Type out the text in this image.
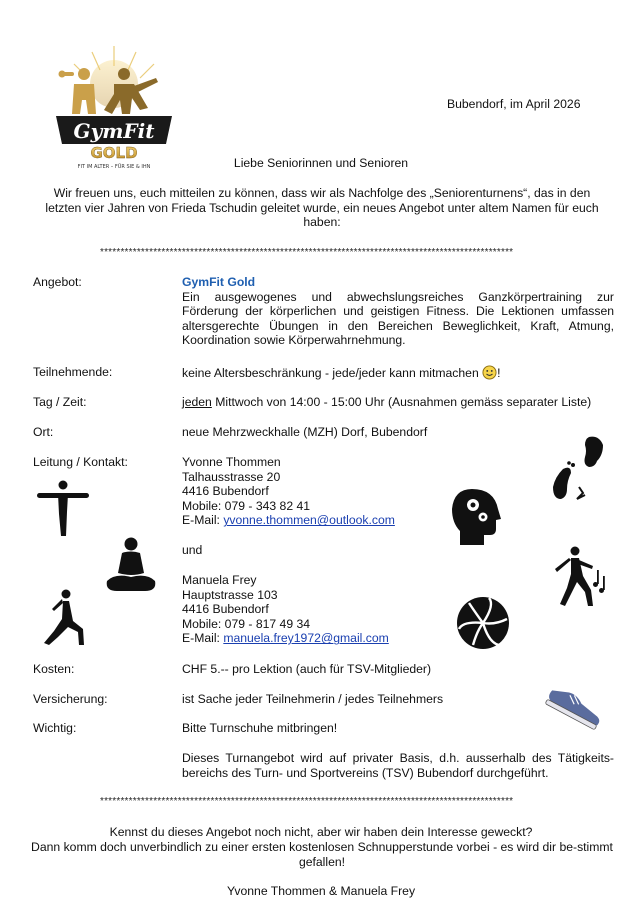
GymFit
GOLD
FIT IM ALTER – FÜR SIE & IHN
Bubendorf, im April 2026
Liebe Seniorinnen und Senioren
Wir freuen uns, euch mitteilen zu können, dass wir als Nachfolge des „Seniorenturnens“, das in den letzten vier Jahren von Frieda Tschudin geleitet wurde, ein neues Angebot unter altem Namen für euch haben:
*****************************************************************************************************
Angebot:	GymFit Gold
Ein ausgewogenes und abwechslungsreiches Ganzkörpertraining zur Förderung der körperlichen und geistigen Fitness. Die Lektionen umfassen altersgerechte Übungen in den Bereichen Beweglichkeit, Kraft, Atmung, Koordination sowie Körperwahrnehmung.
Teilnehmende:	keine Altersbeschränkung - jede/jeder kann mitmachen !
Tag / Zeit:	jeden Mittwoch von 14:00 - 15:00 Uhr (Ausnahmen gemäss separater Liste)
Ort:	neue Mehrzweckhalle (MZH) Dorf, Bubendorf
Leitung / Kontakt:	Yvonne Thommen
Talhausstrasse 20
4416 Bubendorf
Mobile: 079 - 343 82 41
E-Mail: yvonne.thommen@outlook.com
und
Manuela Frey
Hauptstrasse 103
4416 Bubendorf
Mobile: 079 - 817 49 34
E-Mail: manuela.frey1972@gmail.com
Kosten:	CHF 5.-- pro Lektion (auch für TSV-Mitglieder)
Versicherung:	ist Sache jeder Teilnehmerin / jedes Teilnehmers
Wichtig:	Bitte Turnschuhe mitbringen!
Dieses Turnangebot wird auf privater Basis, d.h. ausserhalb des Tätigkeits-bereichs des Turn- und Sportvereins (TSV) Bubendorf durchgeführt.
*****************************************************************************************************
Kennst du dieses Angebot noch nicht, aber wir haben dein Interesse geweckt?
Dann komm doch unverbindlich zu einer ersten kostenlosen Schnupperstunde vorbei - es wird dir be-stimmt gefallen!
Yvonne Thommen & Manuela Frey
